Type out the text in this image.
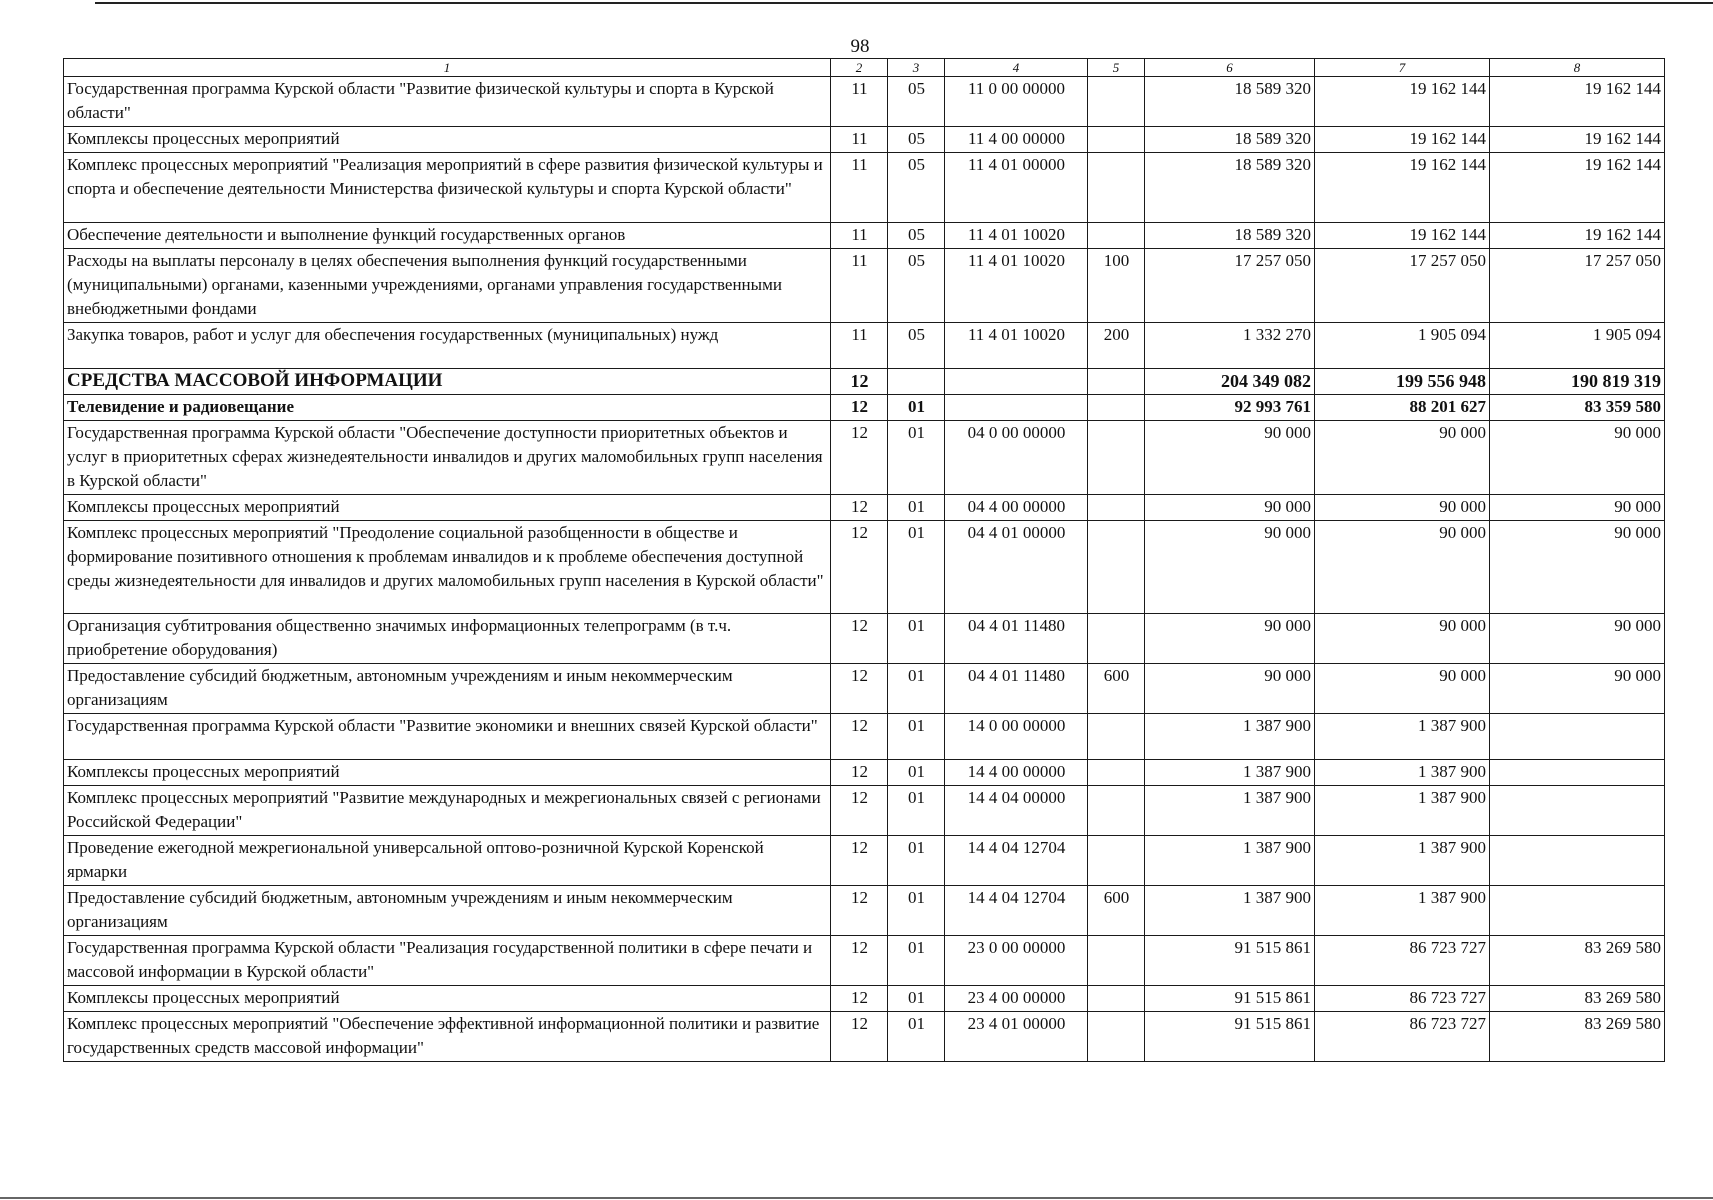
98
1	2	3	4	5	6	7	8
Государственная программа Курской области "Развитие физической культуры и спорта в Курской области"	11	05	11 0 00 00000		18 589 320	19 162 144	19 162 144
Комплексы процессных мероприятий	11	05	11 4 00 00000		18 589 320	19 162 144	19 162 144
Комплекс процессных мероприятий "Реализация мероприятий в сфере развития физической культуры и спорта и обеспечение деятельности Министерства физической культуры и спорта Курской области"	11	05	11 4 01 00000		18 589 320	19 162 144	19 162 144
Обеспечение деятельности и выполнение функций государственных органов	11	05	11 4 01 10020		18 589 320	19 162 144	19 162 144
Расходы на выплаты персоналу в целях обеспечения выполнения функций государственными (муниципальными) органами, казенными учреждениями, органами управления государственными внебюджетными фондами	11	05	11 4 01 10020	100	17 257 050	17 257 050	17 257 050
Закупка товаров, работ и услуг для обеспечения государственных (муниципальных) нужд	11	05	11 4 01 10020	200	1 332 270	1 905 094	1 905 094
СРЕДСТВА МАССОВОЙ ИНФОРМАЦИИ	12				204 349 082	199 556 948	190 819 319
Телевидение и радиовещание	12	01			92 993 761	88 201 627	83 359 580
Государственная программа Курской области "Обеспечение доступности приоритетных объектов и услуг в приоритетных сферах жизнедеятельности инвалидов и других маломобильных групп населения в Курской области"	12	01	04 0 00 00000		90 000	90 000	90 000
Комплексы процессных мероприятий	12	01	04 4 00 00000		90 000	90 000	90 000
Комплекс процессных мероприятий "Преодоление социальной разобщенности в обществе и формирование позитивного отношения к проблемам инвалидов и к проблеме обеспечения доступной среды жизнедеятельности для инвалидов и других маломобильных групп населения в Курской области"	12	01	04 4 01 00000		90 000	90 000	90 000
Организация субтитрования общественно значимых информационных телепрограмм (в т.ч. приобретение оборудования)	12	01	04 4 01 11480		90 000	90 000	90 000
Предоставление субсидий бюджетным, автономным учреждениям и иным некоммерческим организациям	12	01	04 4 01 11480	600	90 000	90 000	90 000
Государственная программа Курской области "Развитие экономики и внешних связей Курской области"	12	01	14 0 00 00000		1 387 900	1 387 900	
Комплексы процессных мероприятий	12	01	14 4 00 00000		1 387 900	1 387 900	
Комплекс процессных мероприятий "Развитие международных и межрегиональных связей с регионами Российской Федерации"	12	01	14 4 04 00000		1 387 900	1 387 900	
Проведение ежегодной межрегиональной универсальной оптово-розничной Курской Коренской ярмарки	12	01	14 4 04 12704		1 387 900	1 387 900	
Предоставление субсидий бюджетным, автономным учреждениям и иным некоммерческим организациям	12	01	14 4 04 12704	600	1 387 900	1 387 900	
Государственная программа Курской области "Реализация государственной политики в сфере печати и массовой информации в Курской области"	12	01	23 0 00 00000		91 515 861	86 723 727	83 269 580
Комплексы процессных мероприятий	12	01	23 4 00 00000		91 515 861	86 723 727	83 269 580
Комплекс процессных мероприятий "Обеспечение эффективной информационной политики и развитие государственных средств массовой информации"	12	01	23 4 01 00000		91 515 861	86 723 727	83 269 580
